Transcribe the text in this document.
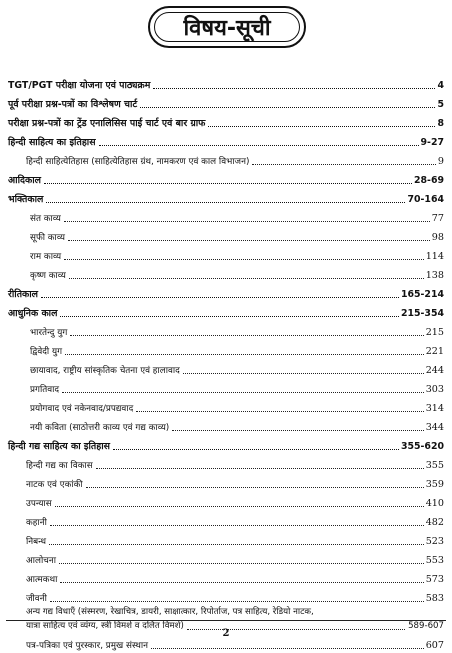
विषय-सूची
TGT/PGT परीक्षा योजना एवं पाठ्यक्रम	4
पूर्व परीक्षा प्रश्न-पत्रों का विश्लेषण चार्ट	5
परीक्षा प्रश्न-पत्रों का ट्रेंड एनालिसिस पाई चार्ट एवं बार ग्राफ	8
हिन्दी साहित्य का इतिहास	9-27
हिन्दी साहित्येतिहास (साहित्येतिहास ग्रंथ, नामकरण एवं काल विभाजन)	9
आदिकाल	28-69
भक्तिकाल	70-164
संत काव्य	77
सूफी काव्य	98
राम काव्य	114
कृष्ण काव्य	138
रीतिकाल	165-214
आधुनिक काल	215-354
भारतेन्दु युग	215
द्विवेदी युग	221
छायावाद, राष्ट्रीय सांस्कृतिक चेतना एवं हालावाद	244
प्रगतिवाद	303
प्रयोगवाद एवं नकेनवाद/प्रपद्यवाद	314
नयी कविता (साठोत्तरी काव्य एवं गद्य काव्य)	344
हिन्दी गद्य साहित्य का इतिहास	355-620
हिन्दी गद्य का विकास	355
नाटक एवं एकांकी	359
उपन्यास	410
कहानी	482
निबन्ध	523
आलोचना	553
आत्मकथा	573
जीवनी	583
अन्य गद्य विधाएँ (संस्मरण, रेखाचित्र, डायरी, साक्षात्कार, रिपोर्ताज, पत्र साहित्य, रेडियो नाटक,
यात्रा साहित्य एवं व्यंग्य, स्त्री विमर्श व दलित विमर्श)	589-607
पत्र-पत्रिका एवं पुरस्कार, प्रमुख संस्थान	607
2
